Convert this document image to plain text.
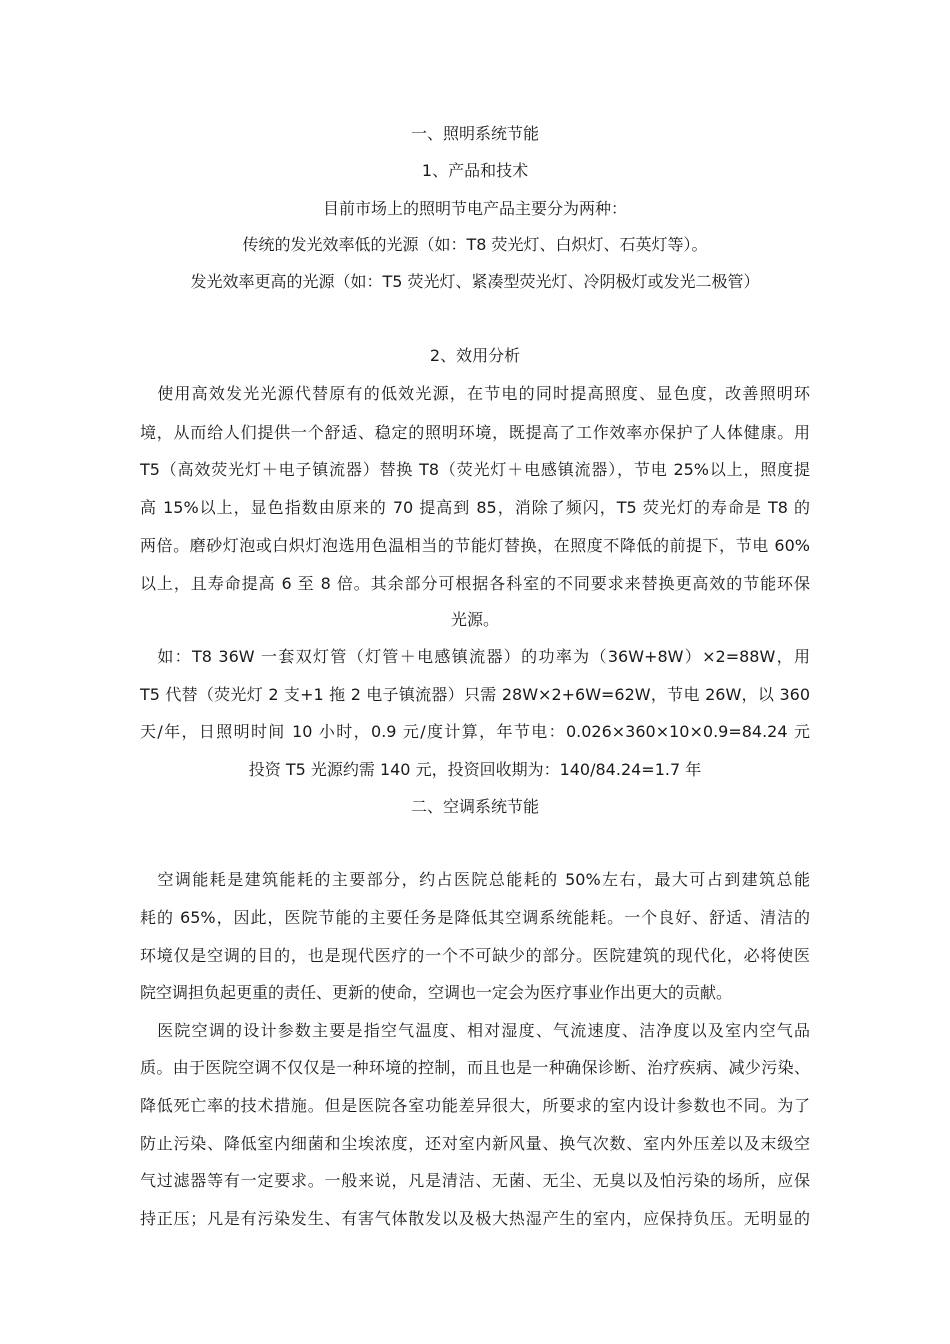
一、照明系统节能
1、产品和技术
目前市场上的照明节电产品主要分为两种：
传统的发光效率低的光源（如：T8 荧光灯、白炽灯、石英灯等）。
发光效率更高的光源（如：T5 荧光灯、紧凑型荧光灯、冷阴极灯或发光二极管）
2、效用分析
　使用高效发光光源代替原有的低效光源，在节电的同时提高照度、显色度，改善照明环
境，从而给人们提供一个舒适、稳定的照明环境，既提高了工作效率亦保护了人体健康。用
T5（高效荧光灯＋电子镇流器）替换 T8（荧光灯＋电感镇流器），节电 25%以上，照度提
高 15%以上，显色指数由原来的 70 提高到 85，消除了频闪，T5 荧光灯的寿命是 T8 的
两倍。磨砂灯泡或白炽灯泡选用色温相当的节能灯替换，在照度不降低的前提下，节电 60%
以上，且寿命提高 6 至 8 倍。其余部分可根据各科室的不同要求来替换更高效的节能环保
光源。
　如：T8 36W 一套双灯管（灯管＋电感镇流器）的功率为（36W+8W）×2=88W，用
T5 代替（荧光灯 2 支+1 拖 2 电子镇流器）只需 28W×2+6W=62W，节电 26W，以 360
天/年，日照明时间 10 小时，0.9 元/度计算，年节电：0.026×360×10×0.9=84.24 元
投资 T5 光源约需 140 元，投资回收期为：140/84.24=1.7 年
二、空调系统节能
　空调能耗是建筑能耗的主要部分，约占医院总能耗的 50%左右，最大可占到建筑总能
耗的 65%，因此，医院节能的主要任务是降低其空调系统能耗。一个良好、舒适、清洁的
环境仅是空调的目的，也是现代医疗的一个不可缺少的部分。医院建筑的现代化，必将使医
院空调担负起更重的责任、更新的使命，空调也一定会为医疗事业作出更大的贡献。
　医院空调的设计参数主要是指空气温度、相对湿度、气流速度、洁净度以及室内空气品
质。由于医院空调不仅仅是一种环境的控制，而且也是一种确保诊断、治疗疾病、减少污染、
降低死亡率的技术措施。但是医院各室功能差异很大，所要求的室内设计参数也不同。为了
防止污染、降低室内细菌和尘埃浓度，还对室内新风量、换气次数、室内外压差以及末级空
气过滤器等有一定要求。一般来说，凡是清洁、无菌、无尘、无臭以及怕污染的场所，应保
持正压；凡是有污染发生、有害气体散发以及极大热湿产生的室内，应保持负压。无明显的
